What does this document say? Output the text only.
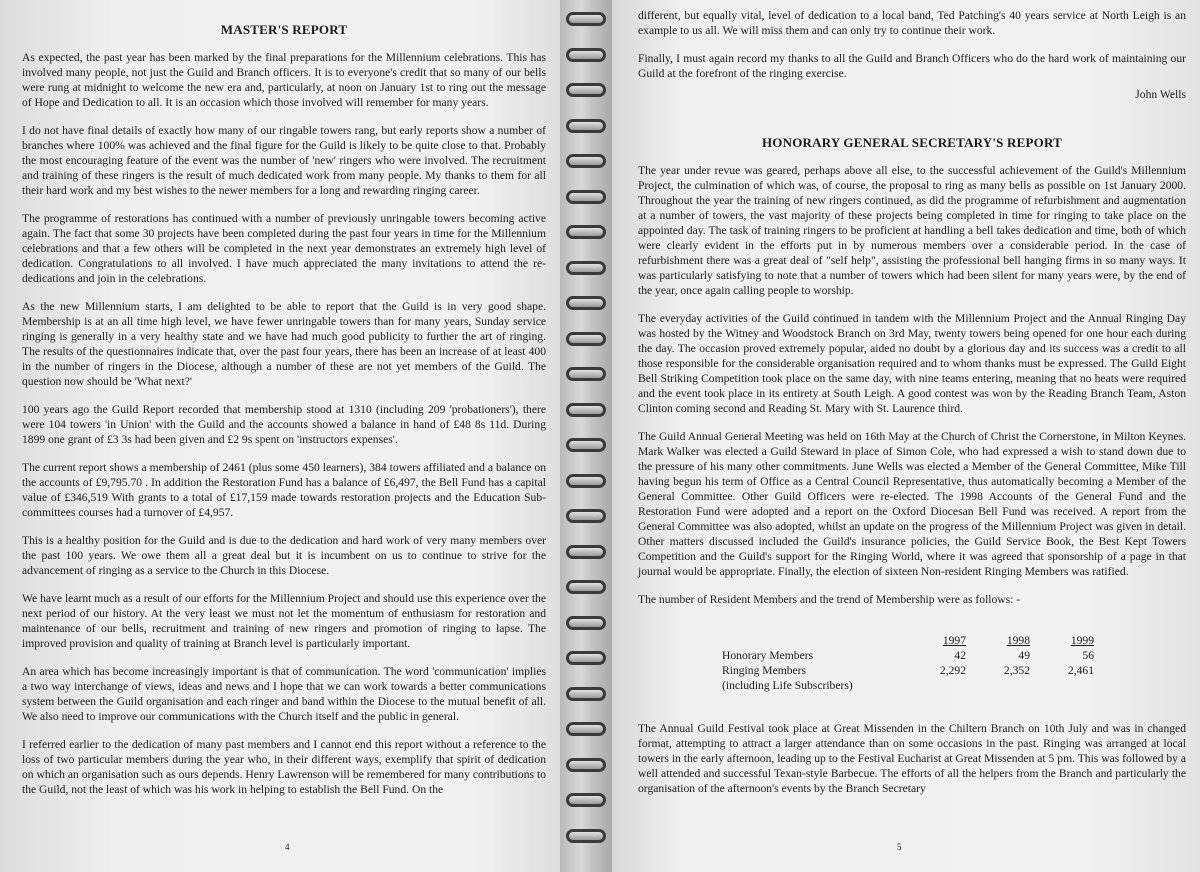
MASTER'S REPORT

As expected, the past year has been marked by the final preparations for the Millennium celebrations. This has involved many people, not just the Guild and Branch officers. It is to everyone's credit that so many of our bells were rung at midnight to welcome the new era and, particularly, at noon on January 1st to ring out the message of Hope and Dedication to all. It is an occasion which those involved will remember for many years.

I do not have final details of exactly how many of our ringable towers rang, but early reports show a number of branches where 100% was achieved and the final figure for the Guild is likely to be quite close to that. Probably the most encouraging feature of the event was the number of 'new' ringers who were involved. The recruitment and training of these ringers is the result of much dedicated work from many people. My thanks to them for all their hard work and my best wishes to the newer members for a long and rewarding ringing career.

The programme of restorations has continued with a number of previously unringable towers becoming active again. The fact that some 30 projects have been completed during the past four years in time for the Millennium celebrations and that a few others will be completed in the next year demonstrates an extremely high level of dedication. Congratulations to all involved. I have much appreciated the many invitations to attend the re-dedications and join in the celebrations.

As the new Millennium starts, I am delighted to be able to report that the Guild is in very good shape. Membership is at an all time high level, we have fewer unringable towers than for many years, Sunday service ringing is generally in a very healthy state and we have had much good publicity to further the art of ringing. The results of the questionnaires indicate that, over the past four years, there has been an increase of at least 400 in the number of ringers in the Diocese, although a number of these are not yet members of the Guild. The question now should be 'What next?'

100 years ago the Guild Report recorded that membership stood at 1310 (including 209 'probationers'), there were 104 towers 'in Union' with the Guild and the accounts showed a balance in hand of £48 8s 11d. During 1899 one grant of £3 3s had been given and £2 9s spent on 'instructors expenses'.

The current report shows a membership of 2461 (plus some 450 learners), 384 towers affiliated and a balance on the accounts of £9,795.70 . In addition the Restoration Fund has a balance of £6,497, the Bell Fund has a capital value of £346,519 With grants to a total of £17,159 made towards restoration projects and the Education Sub-committees courses had a turnover of £4,957.

This is a healthy position for the Guild and is due to the dedication and hard work of very many members over the past 100 years. We owe them all a great deal but it is incumbent on us to continue to strive for the advancement of ringing as a service to the Church in this Diocese.

We have learnt much as a result of our efforts for the Millennium Project and should use this experience over the next period of our history. At the very least we must not let the momentum of enthusiasm for restoration and maintenance of our bells, recruitment and training of new ringers and promotion of ringing to lapse. The improved provision and quality of training at Branch level is particularly important.

An area which has become increasingly important is that of communication. The word 'communication' implies a two way interchange of views, ideas and news and I hope that we can work towards a better communications system between the Guild organisation and each ringer and band within the Diocese to the mutual benefit of all. We also need to improve our communications with the Church itself and the public in general.

I referred earlier to the dedication of many past members and I cannot end this report without a reference to the loss of two particular members during the year who, in their different ways, exemplify that spirit of dedication on which an organisation such as ours depends. Henry Lawrenson will be remembered for many contributions to the Guild, not the least of which was his work in helping to establish the Bell Fund. On the

4

different, but equally vital, level of dedication to a local band, Ted Patching's 40 years service at North Leigh is an example to us all. We will miss them and can only try to continue their work.

Finally, I must again record my thanks to all the Guild and Branch Officers who do the hard work of maintaining our Guild at the forefront of the ringing exercise.

John Wells
HONORARY GENERAL SECRETARY'S REPORT

The year under revue was geared, perhaps above all else, to the successful achievement of the Guild's Millennium Project, the culmination of which was, of course, the proposal to ring as many bells as possible on 1st January 2000. Throughout the year the training of new ringers continued, as did the programme of refurbishment and augmentation at a number of towers, the vast majority of these projects being completed in time for ringing to take place on the appointed day. The task of training ringers to be proficient at handling a bell takes dedication and time, both of which were clearly evident in the efforts put in by numerous members over a considerable period. In the case of refurbishment there was a great deal of "self help", assisting the professional bell hanging firms in so many ways. It was particularly satisfying to note that a number of towers which had been silent for many years were, by the end of the year, once again calling people to worship.

The everyday activities of the Guild continued in tandem with the Millennium Project and the Annual Ringing Day was hosted by the Witney and Woodstock Branch on 3rd May, twenty towers being opened for one hour each during the day. The occasion proved extremely popular, aided no doubt by a glorious day and its success was a credit to all those responsible for the considerable organisation required and to whom thanks must be expressed. The Guild Eight Bell Striking Competition took place on the same day, with nine teams entering, meaning that no heats were required and the event took place in its entirety at South Leigh. A good contest was won by the Reading Branch Team, Aston Clinton coming second and Reading St. Mary with St. Laurence third.

The Guild Annual General Meeting was held on 16th May at the Church of Christ the Cornerstone, in Milton Keynes. Mark Walker was elected a Guild Steward in place of Simon Cole, who had expressed a wish to stand down due to the pressure of his many other commitments. June Wells was elected a Member of the General Committee, Mike Till having begun his term of Office as a Central Council Representative, thus automatically becoming a Member of the General Committee. Other Guild Officers were re-elected. The 1998 Accounts of the General Fund and the Restoration Fund were adopted and a report on the Oxford Diocesan Bell Fund was received. A report from the General Committee was also adopted, whilst an update on the progress of the Millennium Project was given in detail. Other matters discussed included the Guild's insurance policies, the Guild Service Book, the Best Kept Towers Competition and the Guild's support for the Ringing World, where it was agreed that sponsorship of a page in that journal would be appropriate. Finally, the election of sixteen Non-resident Ringing Members was ratified.

The number of Resident Members and the trend of Membership were as follows: -

	1997	1998	1999
Honorary Members	42	49	56
Ringing Members	2,292	2,352	2,461
(including Life Subscribers)			

The Annual Guild Festival took place at Great Missenden in the Chiltern Branch on 10th July and was in changed format, attempting to attract a larger attendance than on some occasions in the past. Ringing was arranged at local towers in the early afternoon, leading up to the Festival Eucharist at Great Missenden at 5 pm. This was followed by a well attended and successful Texan-style Barbecue. The efforts of all the helpers from the Branch and particularly the organisation of the afternoon's events by the Branch Secretary

5
